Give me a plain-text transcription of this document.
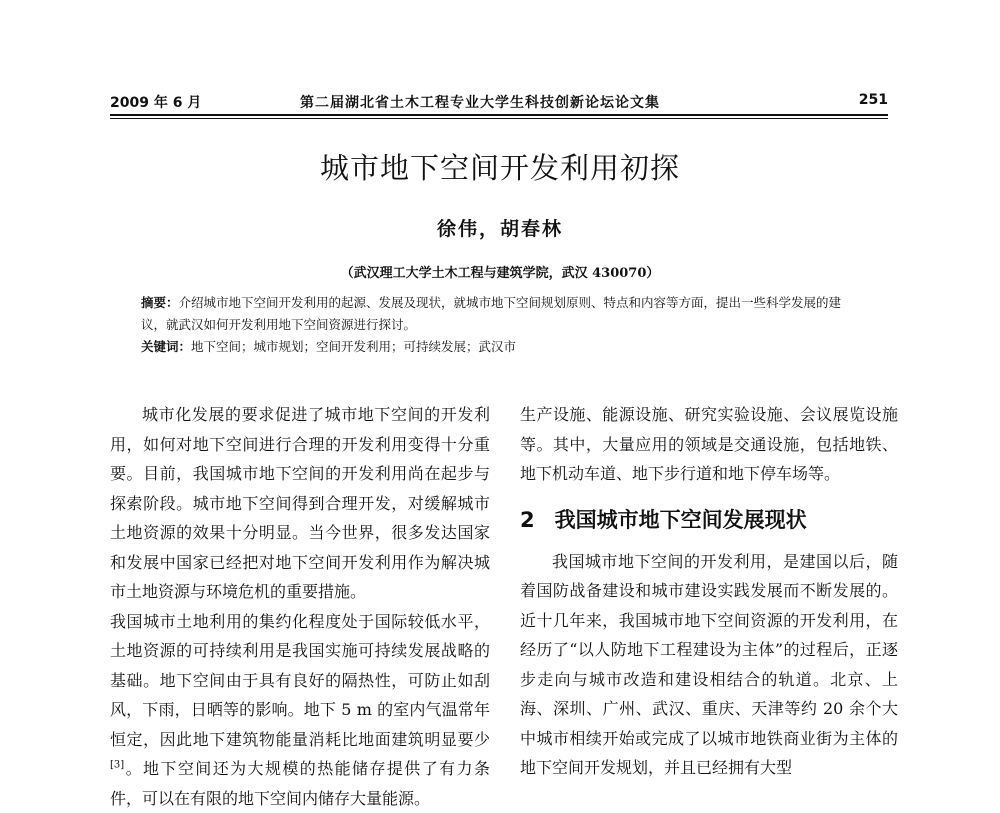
2009 年 6 月	第二届湖北省土木工程专业大学生科技创新论坛论文集	251
城市地下空间开发利用初探
徐伟，胡春林
（武汉理工大学土木工程与建筑学院，武汉 430070）
摘要：介绍城市地下空间开发利用的起源、发展及现状，就城市地下空间规划原则、特点和内容等方面，提出一些科学发展的建议，就武汉如何开发利用地下空间资源进行探讨。
关键词：地下空间；城市规划；空间开发利用；可持续发展；武汉市

城市化发展的要求促进了城市地下空间的开发利用，如何对地下空间进行合理的开发利用变得十分重要。目前，我国城市地下空间的开发利用尚在起步与探索阶段。城市地下空间得到合理开发，对缓解城市土地资源的效果十分明显。当今世界，很多发达国家和发展中国家已经把对地下空间开发利用作为解决城市土地资源与环境危机的重要措施。

我国城市土地利用的集约化程度处于国际较低水平，土地资源的可持续利用是我国实施可持续发展战略的基础。地下空间由于具有良好的隔热性，可防止如刮风，下雨，日晒等的影响。地下 5 m 的室内气温常年恒定，因此地下建筑物能量消耗比地面建筑明显要少[3]。地下空间还为大规模的热能储存提供了有力条件，可以在有限的地下空间内储存大量能源。

生产设施、能源设施、研究实验设施、会议展览设施等。其中，大量应用的领域是交通设施，包括地铁、地下机动车道、地下步行道和地下停车场等。

2 我国城市地下空间发展现状

我国城市地下空间的开发利用，是建国以后，随着国防战备建设和城市建设实践发展而不断发展的。近十几年来，我国城市地下空间资源的开发利用，在经历了“以人防地下工程建设为主体”的过程后，正逐步走向与城市改造和建设相结合的轨道。北京、上海、深圳、广州、武汉、重庆、天津等约 20 余个大中城市相续开始或完成了以城市地铁商业街为主体的地下空间开发规划，并且已经拥有大型
